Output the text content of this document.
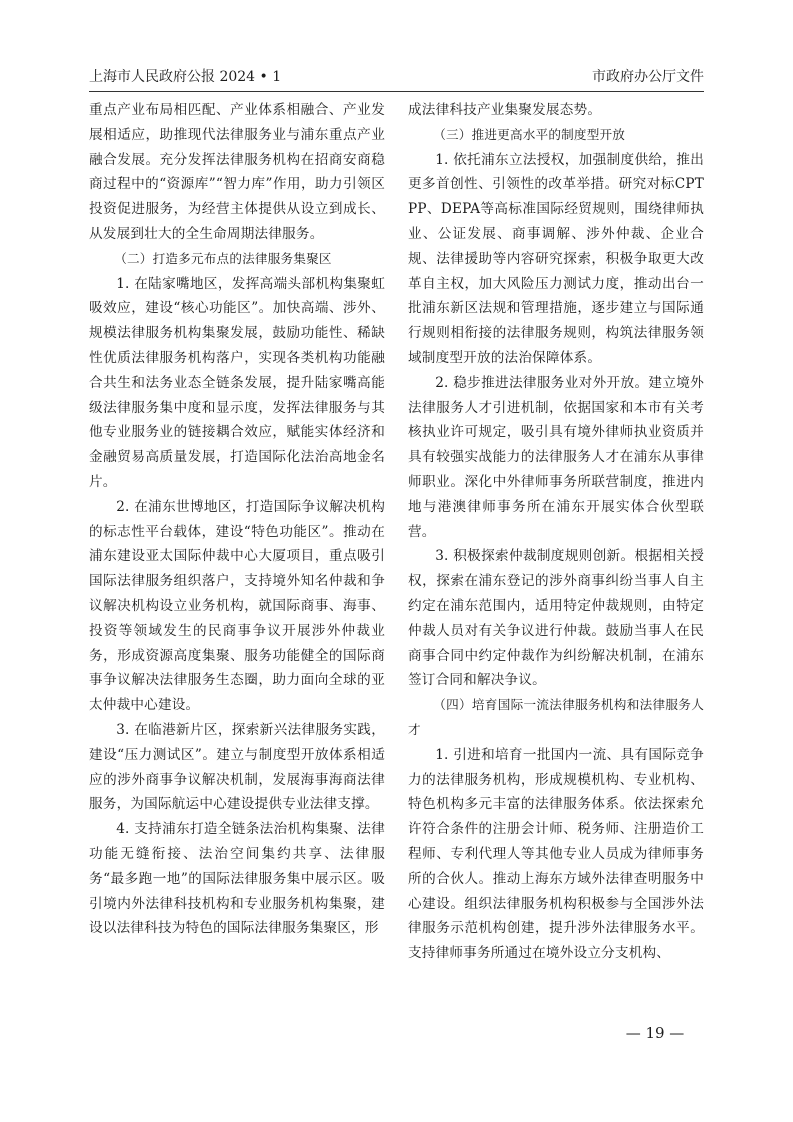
上海市人民政府公报 2024 • 1	市政府办公厅文件

重点产业布局相匹配、产业体系相融合、产业发展相适应，助推现代法律服务业与浦东重点产业融合发展。充分发挥法律服务机构在招商安商稳商过程中的“资源库”“智力库”作用，助力引领区投资促进服务，为经营主体提供从设立到成长、从发展到壮大的全生命周期法律服务。

（二）打造多元布点的法律服务集聚区

1. 在陆家嘴地区，发挥高端头部机构集聚虹吸效应，建设“核心功能区”。加快高端、涉外、规模法律服务机构集聚发展，鼓励功能性、稀缺性优质法律服务机构落户，实现各类机构功能融合共生和法务业态全链条发展，提升陆家嘴高能级法律服务集中度和显示度，发挥法律服务与其他专业服务业的链接耦合效应，赋能实体经济和金融贸易高质量发展，打造国际化法治高地金名片。

2. 在浦东世博地区，打造国际争议解决机构的标志性平台载体，建设“特色功能区”。推动在浦东建设亚太国际仲裁中心大厦项目，重点吸引国际法律服务组织落户，支持境外知名仲裁和争议解决机构设立业务机构，就国际商事、海事、投资等领域发生的民商事争议开展涉外仲裁业务，形成资源高度集聚、服务功能健全的国际商事争议解决法律服务生态圈，助力面向全球的亚太仲裁中心建设。

3. 在临港新片区，探索新兴法律服务实践，建设“压力测试区”。建立与制度型开放体系相适应的涉外商事争议解决机制，发展海事海商法律服务，为国际航运中心建设提供专业法律支撑。

4. 支持浦东打造全链条法治机构集聚、法律功能无缝衔接、法治空间集约共享、法律服务“最多跑一地”的国际法律服务集中展示区。吸引境内外法律科技机构和专业服务机构集聚，建设以法律科技为特色的国际法律服务集聚区，形

成法律科技产业集聚发展态势。

（三）推进更高水平的制度型开放

1. 依托浦东立法授权，加强制度供给，推出更多首创性、引领性的改革举措。研究对标CPTPP、DEPA等高标准国际经贸规则，围绕律师执业、公证发展、商事调解、涉外仲裁、企业合规、法律援助等内容研究探索，积极争取更大改革自主权，加大风险压力测试力度，推动出台一批浦东新区法规和管理措施，逐步建立与国际通行规则相衔接的法律服务规则，构筑法律服务领域制度型开放的法治保障体系。

2. 稳步推进法律服务业对外开放。建立境外法律服务人才引进机制，依据国家和本市有关考核执业许可规定，吸引具有境外律师执业资质并具有较强实战能力的法律服务人才在浦东从事律师职业。深化中外律师事务所联营制度，推进内地与港澳律师事务所在浦东开展实体合伙型联营。

3. 积极探索仲裁制度规则创新。根据相关授权，探索在浦东登记的涉外商事纠纷当事人自主约定在浦东范围内，适用特定仲裁规则，由特定仲裁人员对有关争议进行仲裁。鼓励当事人在民商事合同中约定仲裁作为纠纷解决机制，在浦东签订合同和解决争议。

（四）培育国际一流法律服务机构和法律服务人才

1. 引进和培育一批国内一流、具有国际竞争力的法律服务机构，形成规模机构、专业机构、特色机构多元丰富的法律服务体系。依法探索允许符合条件的注册会计师、税务师、注册造价工程师、专利代理人等其他专业人员成为律师事务所的合伙人。推动上海东方域外法律查明服务中心建设。组织法律服务机构积极参与全国涉外法律服务示范机构创建，提升涉外法律服务水平。支持律师事务所通过在境外设立分支机构、

— 19 —
